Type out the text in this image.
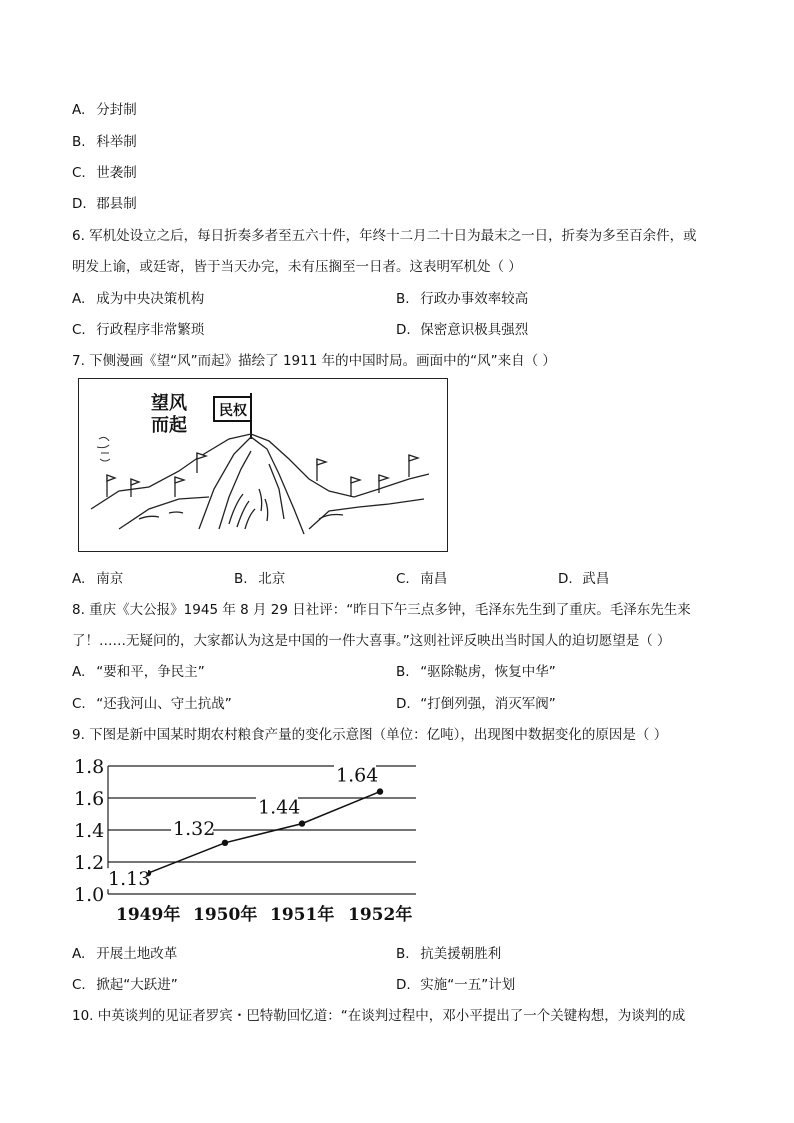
A. 分封制
B. 科举制
C. 世袭制
D. 郡县制
6. 军机处设立之后，每日折奏多者至五六十件，年终十二月二十日为最末之一日，折奏为多至百余件，或
明发上谕，或廷寄，皆于当天办完，未有压搁至一日者。这表明军机处（ ）
A. 成为中央决策机构	B. 行政办事效率较高
C. 行政程序非常繁琐	D. 保密意识极具强烈
7. 下侧漫画《望“风”而起》描绘了 1911 年的中国时局。画面中的“风”来自（ ）
望风
而起
民权
A. 南京	B. 北京	C. 南昌	D. 武昌
8. 重庆《大公报》1945 年 8 月 29 日社评：“昨日下午三点多钟，毛泽东先生到了重庆。毛泽东先生来
了！……无疑问的，大家都认为这是中国的一件大喜事。”这则社评反映出当时国人的迫切愿望是（ ）
A. “要和平，争民主”	B. “驱除鞑虏，恢复中华”
C. “还我河山、守土抗战”	D. “打倒列强，消灭军阀”
9. 下图是新中国某时期农村粮食产量的变化示意图（单位：亿吨），出现图中数据变化的原因是（ ）
1.0
1.2
1.4
1.6
1.8
1949年 1950年 1951年 1952年
1.13
1.32
1.44
1.64
A. 开展土地改革	B. 抗美援朝胜利
C. 掀起“大跃进”	D. 实施“一五”计划
10. 中英谈判的见证者罗宾・巴特勒回忆道：“在谈判过程中，邓小平提出了一个关键构想，为谈判的成
